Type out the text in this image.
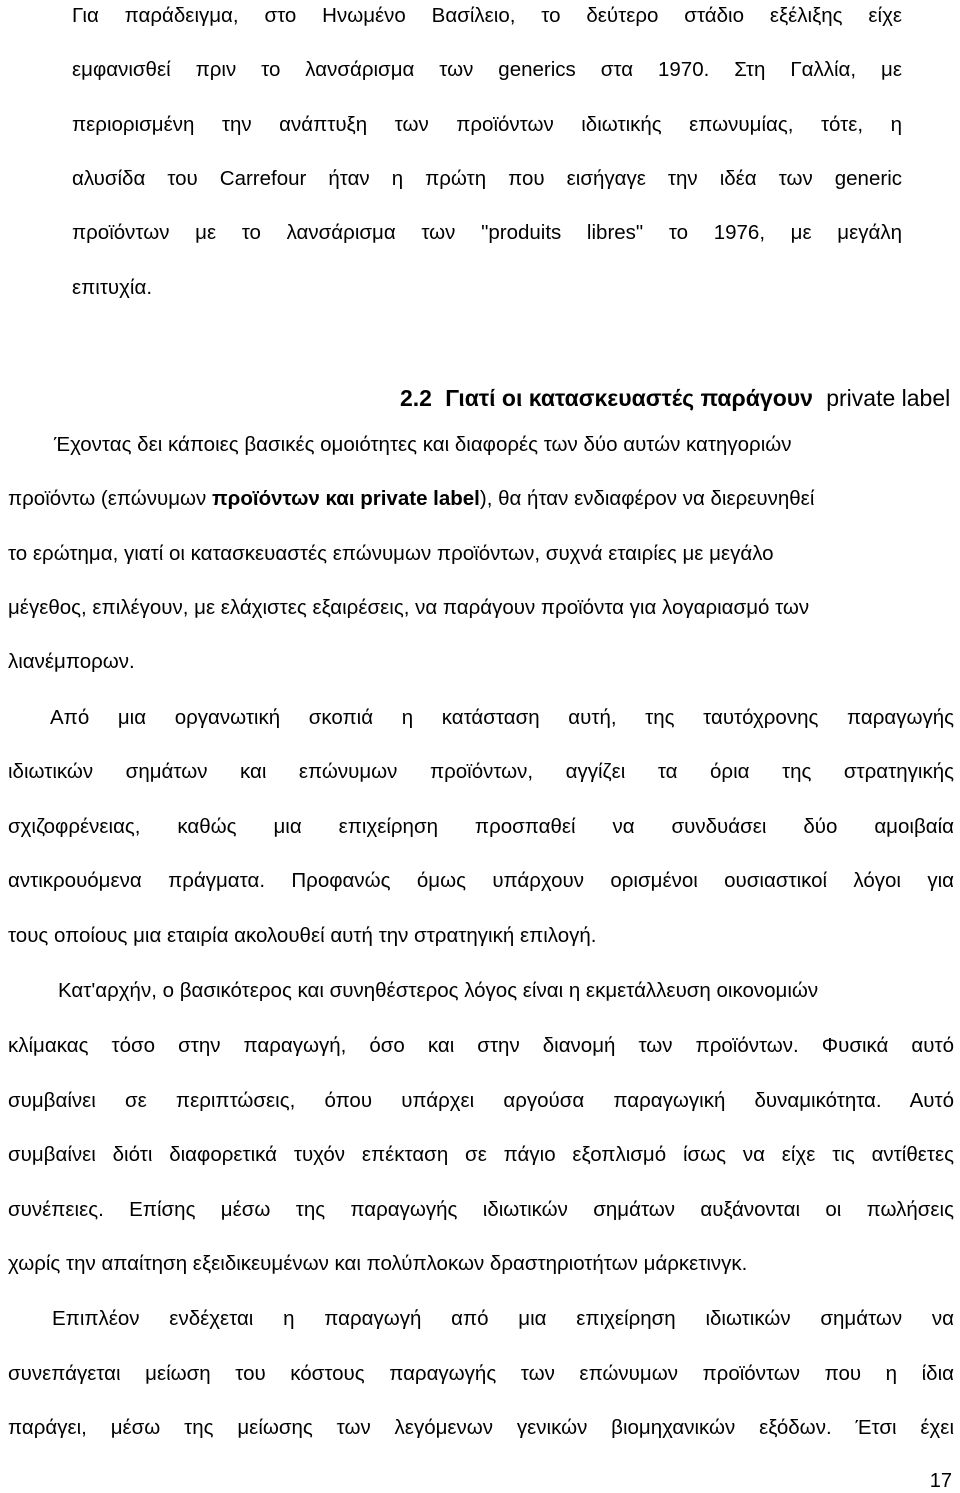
Για παράδειγμα, στο Ηνωμένο Βασίλειο, το δεύτερο στάδιο εξέλιξης είχε
εμφανισθεί πριν το λανσάρισμα των generics στα 1970. Στη Γαλλία, με
περιορισμένη την ανάπτυξη των προϊόντων ιδιωτικής επωνυμίας, τότε, η
αλυσίδα του Carrefour ήταν η πρώτη που εισήγαγε την ιδέα των generic
προϊόντων με το λανσάρισμα των "produits libres" το 1976, με μεγάλη
επιτυχία.
2.2 Γιατί οι κατασκευαστές παράγουν private label
Έχοντας δει κάποιες βασικές ομοιότητες και διαφορές των δύο αυτών κατηγοριών
προϊόντω (επώνυμων προϊόντων και private label), θα ήταν ενδιαφέρον να διερευνηθεί
το ερώτημα, γιατί οι κατασκευαστές επώνυμων προϊόντων, συχνά εταιρίες με μεγάλο
μέγεθος, επιλέγουν, με ελάχιστες εξαιρέσεις, να παράγουν προϊόντα για λογαριασμό των
λιανέμπορων.
Από μια οργανωτική σκοπιά η κατάσταση αυτή, της ταυτόχρονης παραγωγής
ιδιωτικών σημάτων και επώνυμων προϊόντων, αγγίζει τα όρια της στρατηγικής
σχιζοφρένειας, καθώς μια επιχείρηση προσπαθεί να συνδυάσει δύο αμοιβαία
αντικρουόμενα πράγματα. Προφανώς όμως υπάρχουν ορισμένοι ουσιαστικοί λόγοι για
τους οποίους μια εταιρία ακολουθεί αυτή την στρατηγική επιλογή.
Κατ'αρχήν, ο βασικότερος και συνηθέστερος λόγος είναι η εκμετάλλευση οικονομιών
κλίμακας τόσο στην παραγωγή, όσο και στην διανομή των προϊόντων. Φυσικά αυτό
συμβαίνει σε περιπτώσεις, όπου υπάρχει αργούσα παραγωγική δυναμικότητα. Αυτό
συμβαίνει διότι διαφορετικά τυχόν επέκταση σε πάγιο εξοπλισμό ίσως να είχε τις αντίθετες
συνέπειες. Επίσης μέσω της παραγωγής ιδιωτικών σημάτων αυξάνονται οι πωλήσεις
χωρίς την απαίτηση εξειδικευμένων και πολύπλοκων δραστηριοτήτων μάρκετινγκ.
Επιπλέον ενδέχεται η παραγωγή από μια επιχείρηση ιδιωτικών σημάτων να
συνεπάγεται μείωση του κόστους παραγωγής των επώνυμων προϊόντων που η ίδια
παράγει, μέσω της μείωσης των λεγόμενων γενικών βιομηχανικών εξόδων. Έτσι έχει
17
